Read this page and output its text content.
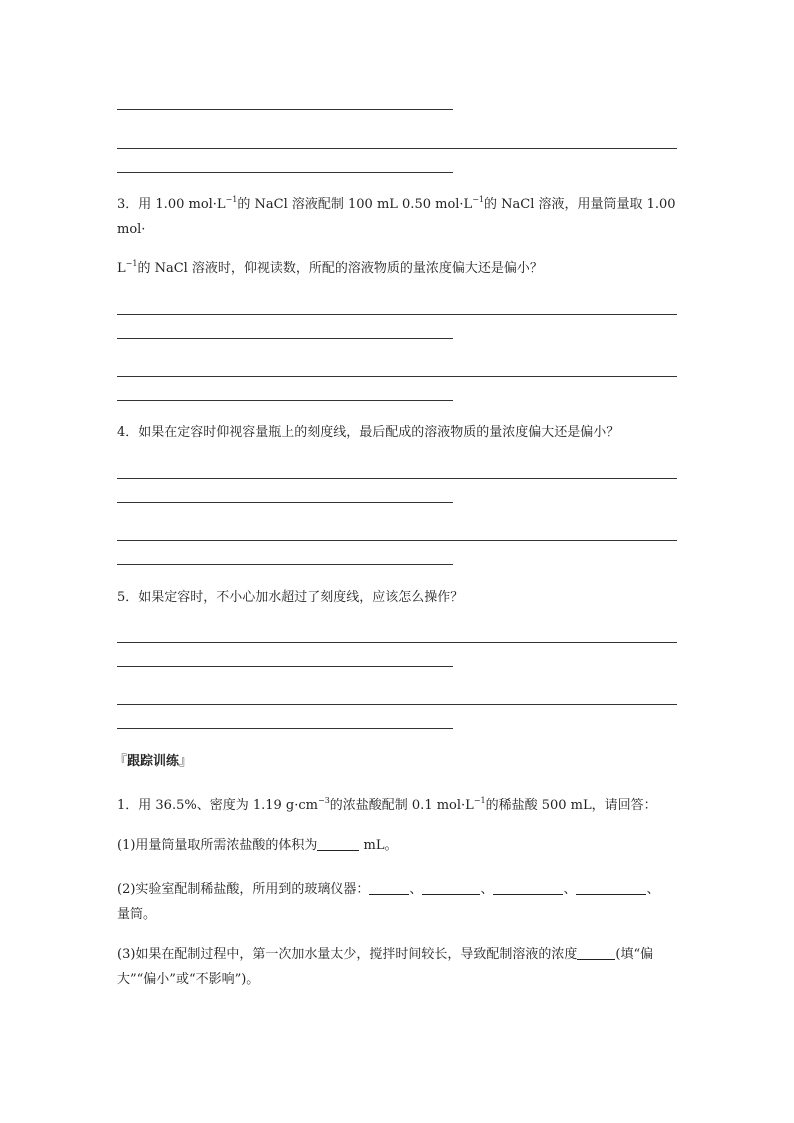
3．用 1.00 $mol\cdot L^{-1}$的 NaCl 溶液配制 100 mL 0.50 $mol\cdot L^{-1}$的 NaCl 溶液，用量筒量取 1.00
mol·
$L^{-1}$的 NaCl 溶液时，仰视读数，所配的溶液物质的量浓度偏大还是偏小？
4．如果在定容时仰视容量瓶上的刻度线，最后配成的溶液物质的量浓度偏大还是偏小？
5．如果定容时，不小心加水超过了刻度线，应该怎么操作？
『跟踪训练』
1．用 36.5%、密度为 1.19 $g\cdot cm^{-3}$的浓盐酸配制 0.1 $mol\cdot L^{-1}$的稀盐酸 500 mL，请回答：
(1)用量筒量取所需浓盐酸的体积为	mL。
(2)实验室配制稀盐酸，所用到的玻璃仪器：	、	、	、	、
量筒。
(3)如果在配制过程中，第一次加水量太少，搅拌时间较长，导致配制溶液的浓度	(填“偏
大”“偏小”或“不影响”)。
